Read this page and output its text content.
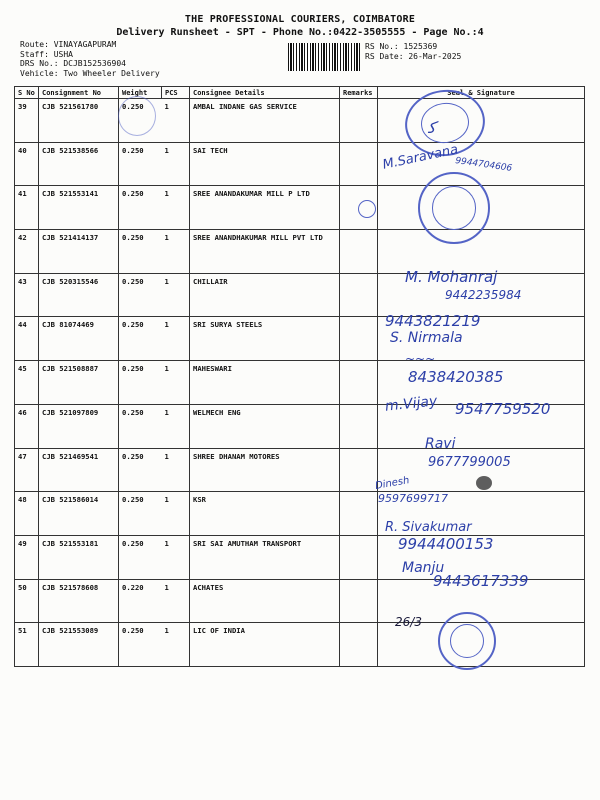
THE PROFESSIONAL COURIERS, COIMBATORE
Delivery Runsheet - SPT - Phone No.:0422-3505555 - Page No.:4
Route: VINAYAGAPURAM
Staff: USHA
DRS No.: DCJB152536904
Vehicle: Two Wheeler Delivery
RS No.: 1525369
RS Date: 26-Mar-2025
S No	Consignment No	Weight	PCS	Consignee Details	Remarks	Seal & Signature
39	CJB 521561780	0.250	1	AMBAL INDANE GAS SERVICE		
40	CJB 521538566	0.250	1	SAI TECH		
41	CJB 521553141	0.250	1	SREE ANANDAKUMAR MILL P LTD		
42	CJB 521414137	0.250	1	SREE ANANDHAKUMAR MILL PVT LTD		
43	CJB 520315546	0.250	1	CHILLAIR		
44	CJB 81074469	0.250	1	SRI SURYA STEELS		
45	CJB 521508887	0.250	1	MAHESWARI		
46	CJB 521097809	0.250	1	WELMECH ENG		
47	CJB 521469541	0.250	1	SHREE DHANAM MOTORES		
48	CJB 521586014	0.250	1	KSR		
49	CJB 521553181	0.250	1	SRI SAI AMUTHAM TRANSPORT		
50	CJB 521578608	0.220	1	ACHATES		
51	CJB 521553089	0.250	1	LIC OF INDIA		
M.Saravana
9944704606
M. Mohanraj
9442235984
9443821219
S. Nirmala
~~~
8438420385
m.Vijay 9547759520
Ravi
9677799005
Dinesh
9597699717
R. Sivakumar
9944400153
Manju
9443617339
26/3
ﮐ
